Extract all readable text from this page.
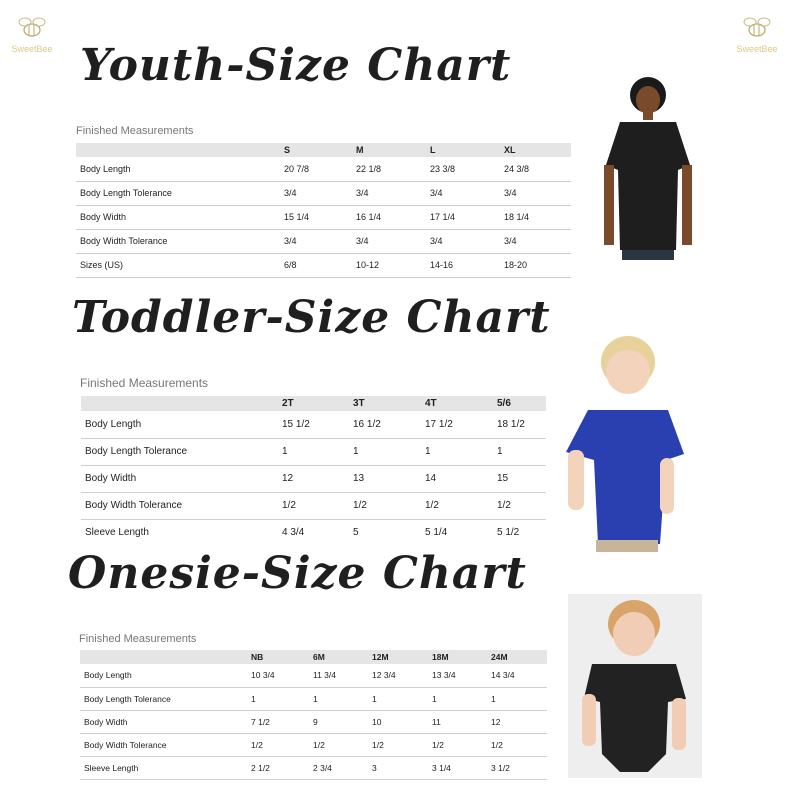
SweetBee	SweetBee
Youth-Size Chart
Finished Measurements
	S	M	L	XL
Body Length	20 7/8	22 1/8	23 3/8	24 3/8
Body Length Tolerance	3/4	3/4	3/4	3/4
Body Width	15 1/4	16 1/4	17 1/4	18 1/4
Body Width Tolerance	3/4	3/4	3/4	3/4
Sizes (US)	6/8	10-12	14-16	18-20
Toddler-Size Chart
Finished Measurements
	2T	3T	4T	5/6
Body Length	15 1/2	16 1/2	17 1/2	18 1/2
Body Length Tolerance	1	1	1	1
Body Width	12	13	14	15
Body Width Tolerance	1/2	1/2	1/2	1/2
Sleeve Length	4 3/4	5	5 1/4	5 1/2
Onesie-Size Chart
Finished Measurements
	NB	6M	12M	18M	24M
Body Length	10 3/4	11 3/4	12 3/4	13 3/4	14 3/4
Body Length Tolerance	1	1	1	1	1
Body Width	7 1/2	9	10	11	12
Body Width Tolerance	1/2	1/2	1/2	1/2	1/2
Sleeve Length	2 1/2	2 3/4	3	3 1/4	3 1/2
